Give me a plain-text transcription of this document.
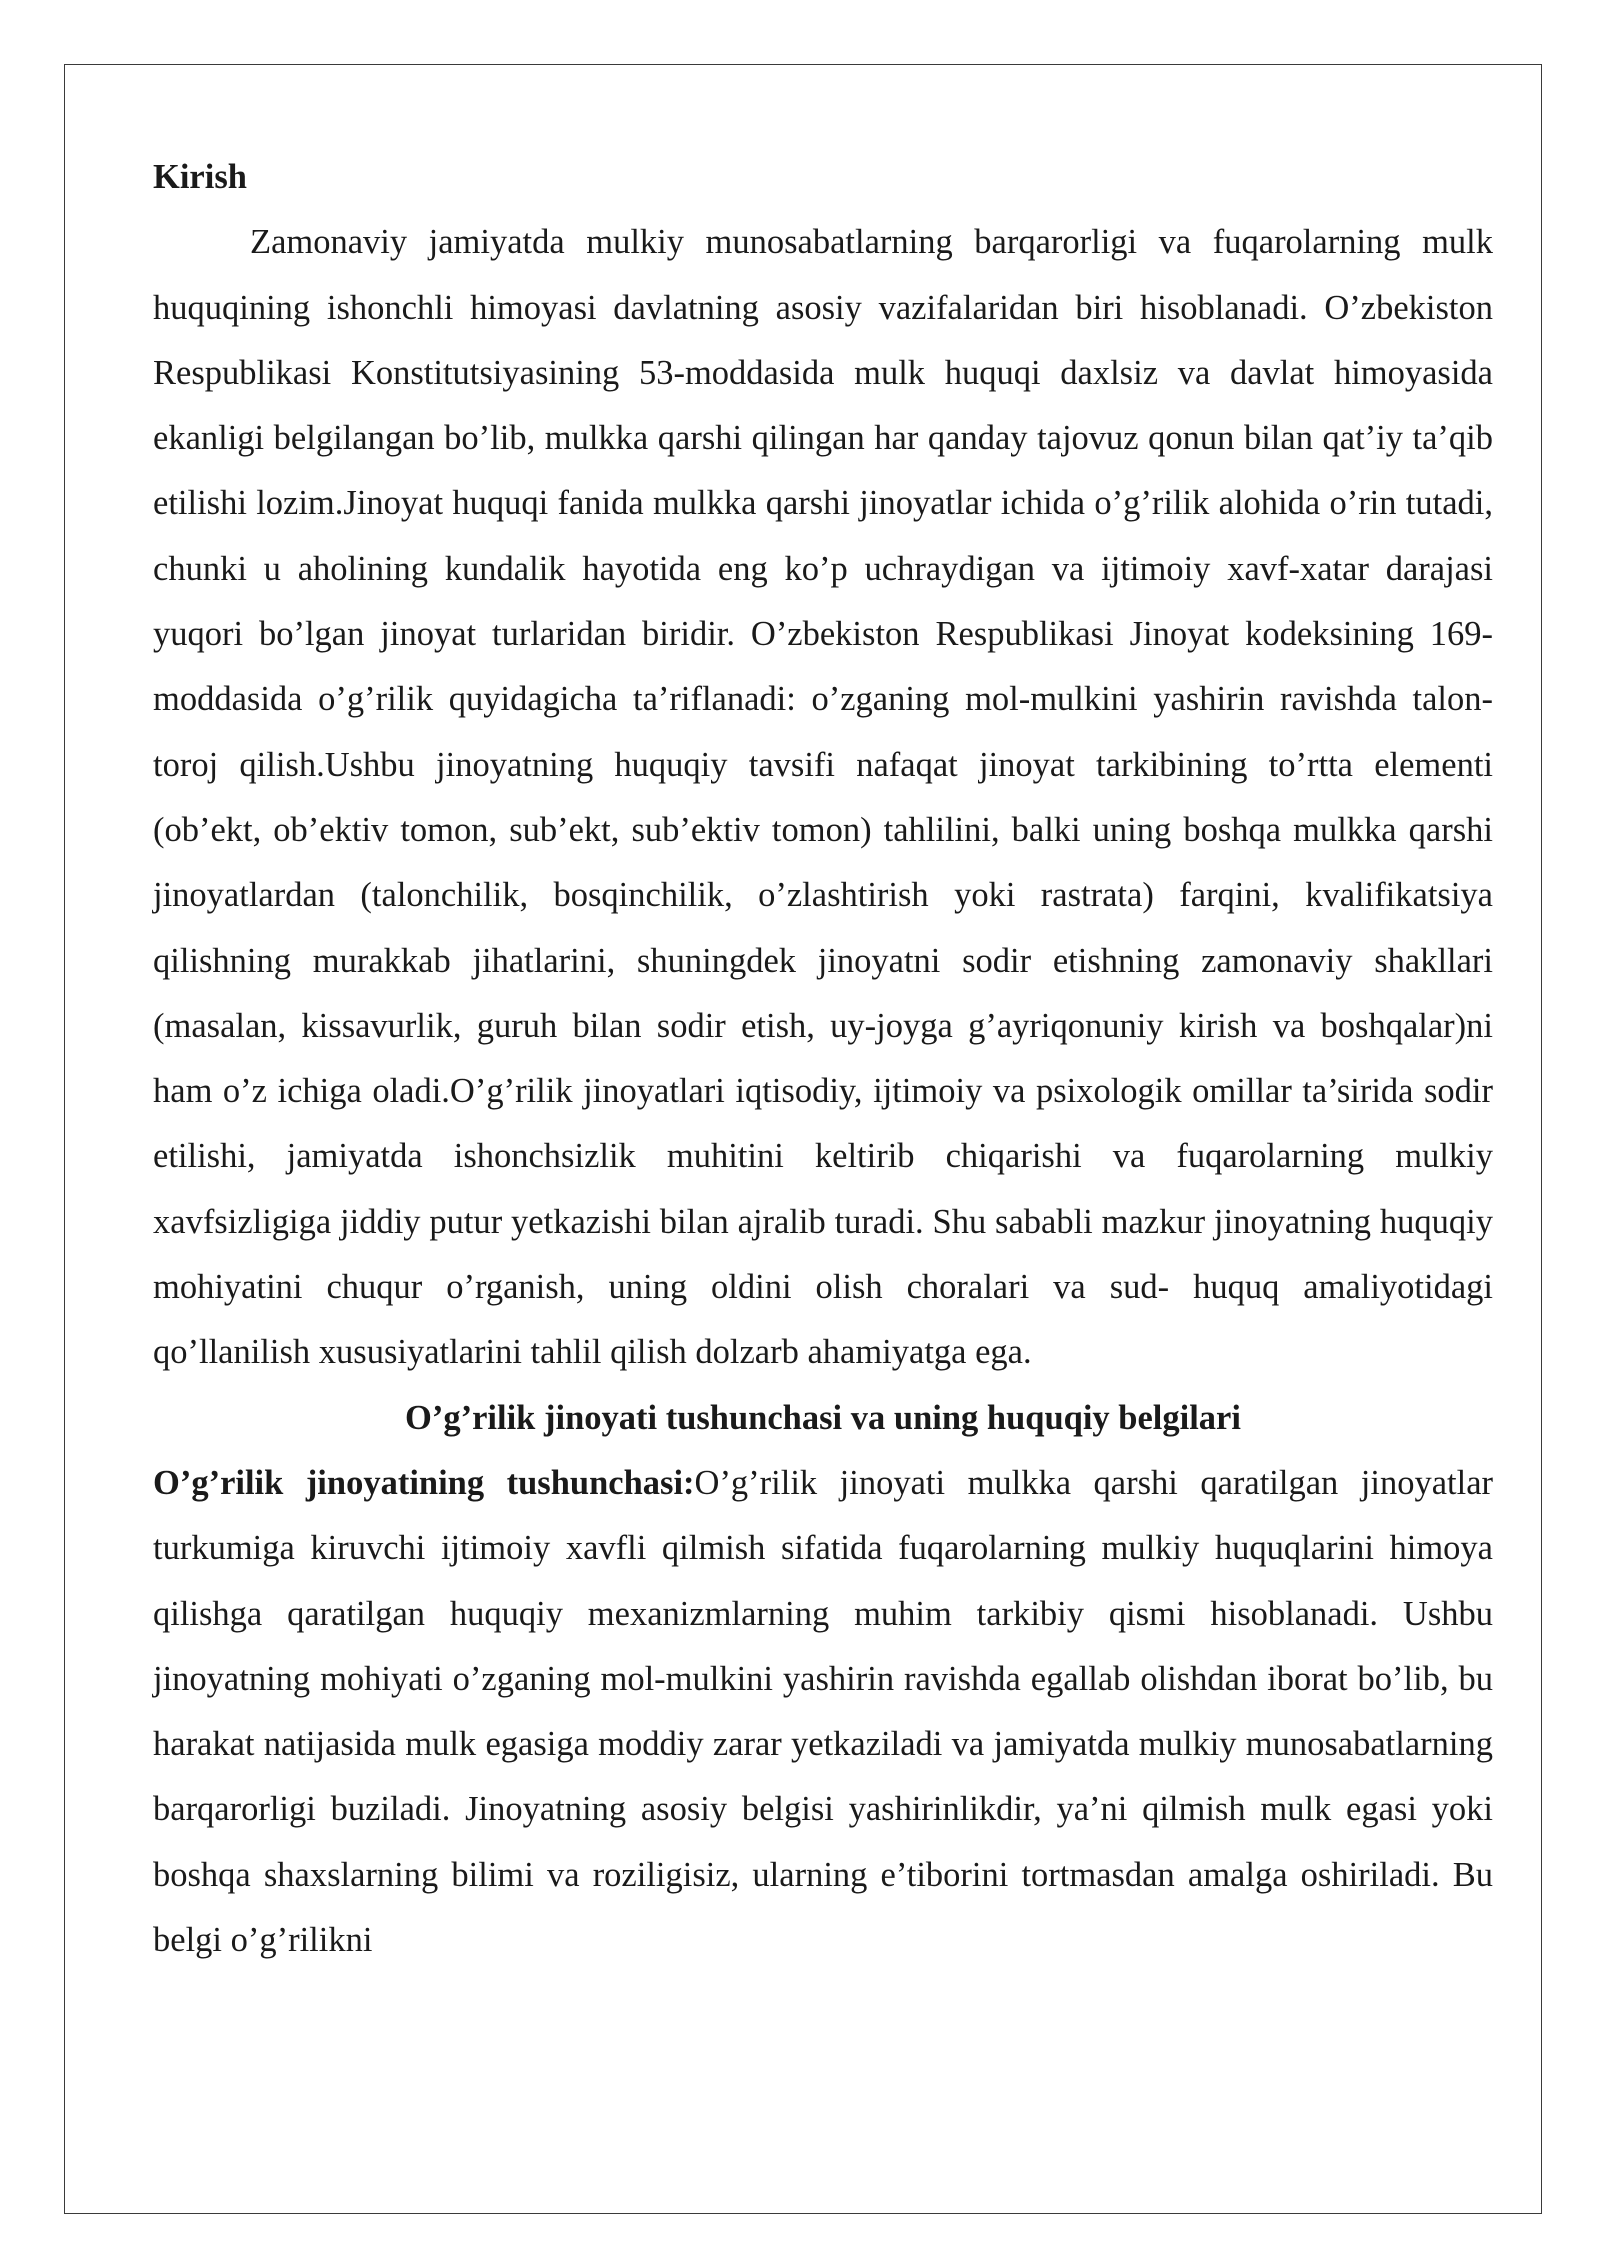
Kirish

Zamonaviy jamiyatda mulkiy munosabatlarning barqarorligi va fuqarolarning mulk huquqining ishonchli himoyasi davlatning asosiy vazifalaridan biri hisoblanadi. O’zbekiston Respublikasi Konstitutsiyasining 53-moddasida mulk huquqi daxlsiz va davlat himoyasida ekanligi belgilangan bo’lib, mulkka qarshi qilingan har qanday tajovuz qonun bilan qat’iy ta’qib etilishi lozim.Jinoyat huquqi fanida mulkka qarshi jinoyatlar ichida o’g’rilik alohida o’rin tutadi, chunki u aholining kundalik hayotida eng ko’p uchraydigan va ijtimoiy xavf-xatar darajasi yuqori bo’lgan jinoyat turlaridan biridir. O’zbekiston Respublikasi Jinoyat kodeksining 169-moddasida o’g’rilik quyidagicha ta’riflanadi: o’zganing mol-mulkini yashirin ravishda talon-toroj qilish.Ushbu jinoyatning huquqiy tavsifi nafaqat jinoyat tarkibining to’rtta elementi (ob’ekt, ob’ektiv tomon, sub’ekt, sub’ektiv tomon) tahlilini, balki uning boshqa mulkka qarshi jinoyatlardan (talonchilik, bosqinchilik, o’zlashtirish yoki rastrata) farqini, kvalifikatsiya qilishning murakkab jihatlarini, shuningdek jinoyatni sodir etishning zamonaviy shakllari (masalan, kissavurlik, guruh bilan sodir etish, uy-joyga g’ayriqonuniy kirish va boshqalar)ni ham o’z ichiga oladi.O’g’rilik jinoyatlari iqtisodiy, ijtimoiy va psixologik omillar ta’sirida sodir etilishi, jamiyatda ishonchsizlik muhitini keltirib chiqarishi va fuqarolarning mulkiy xavfsizligiga jiddiy putur yetkazishi bilan ajralib turadi. Shu sababli mazkur jinoyatning huquqiy mohiyatini chuqur o’rganish, uning oldini olish choralari va sud- huquq amaliyotidagi qo’llanilish xususiyatlarini tahlil qilish dolzarb ahamiyatga ega.

O’g’rilik jinoyati tushunchasi va uning huquqiy belgilari

O’g’rilik jinoyatining tushunchasi:O’g’rilik jinoyati mulkka qarshi qaratilgan jinoyatlar turkumiga kiruvchi ijtimoiy xavfli qilmish sifatida fuqarolarning mulkiy huquqlarini himoya qilishga qaratilgan huquqiy mexanizmlarning muhim tarkibiy qismi hisoblanadi. Ushbu jinoyatning mohiyati o’zganing mol-mulkini yashirin ravishda egallab olishdan iborat bo’lib, bu harakat natijasida mulk egasiga moddiy zarar yetkaziladi va jamiyatda mulkiy munosabatlarning barqarorligi buziladi. Jinoyatning asosiy belgisi yashirinlikdir, ya’ni qilmish mulk egasi yoki boshqa shaxslarning bilimi va roziligisiz, ularning e’tiborini tortmasdan amalga oshiriladi. Bu belgi o’g’rilikni
